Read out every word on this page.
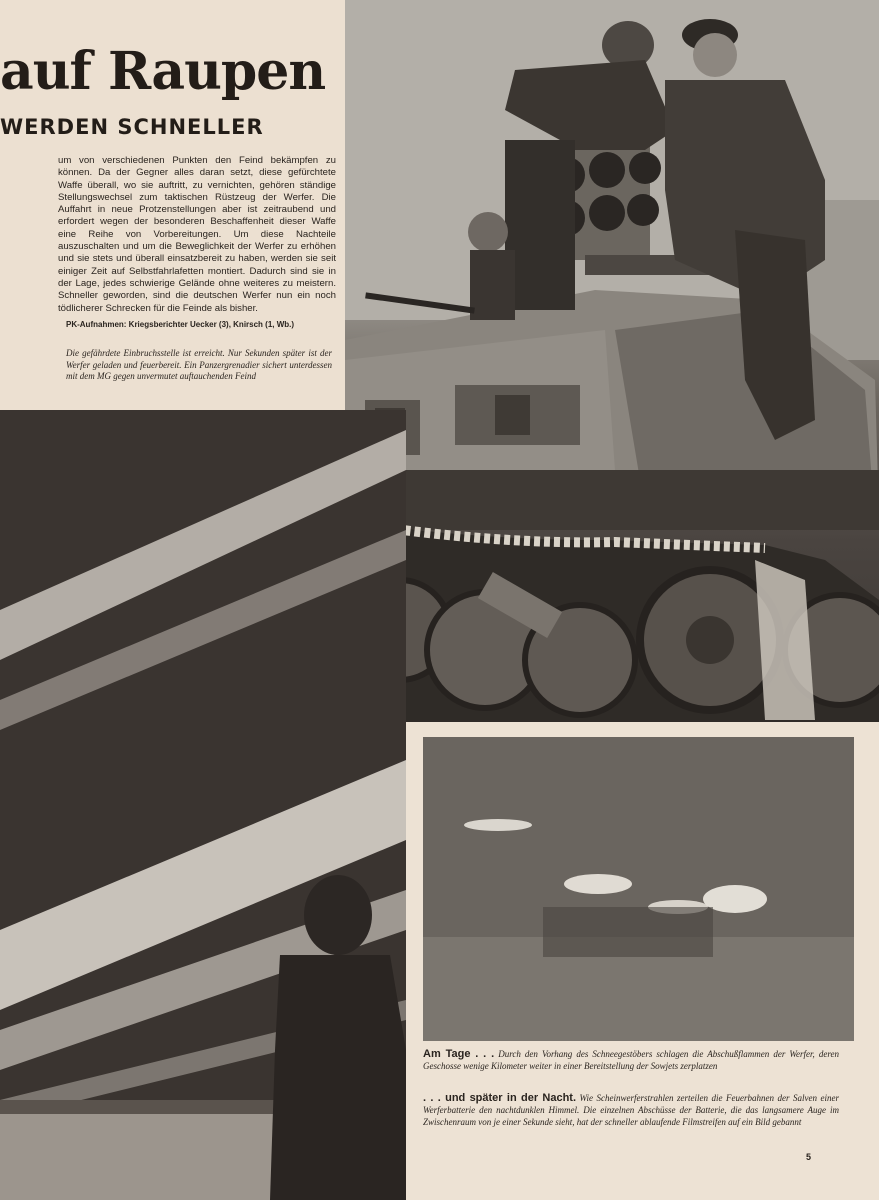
auf Raupen
WERDEN SCHNELLER
um von verschiedenen Punkten den Feind bekämpfen zu können. Da der Gegner alles daran setzt, diese gefürchtete Waffe überall, wo sie auftritt, zu vernichten, gehören ständige Stellungswechsel zum taktischen Rüstzeug der Werfer. Die Auffahrt in neue Protzenstellungen aber ist zeitraubend und erfordert wegen der besonderen Beschaffenheit dieser Waffe eine Reihe von Vorbereitungen. Um diese Nachteile auszuschalten und um die Beweglichkeit der Werfer zu erhöhen und sie stets und überall einsatzbereit zu haben, werden sie seit einiger Zeit auf Selbstfahrlafetten montiert. Dadurch sind sie in der Lage, jedes schwierige Gelände ohne weiteres zu meistern. Schneller geworden, sind die deutschen Werfer nun ein noch tödlicherer Schrecken für die Feinde als bisher.
PK-Aufnahmen: Kriegsberichter Uecker (3), Knirsch (1, Wb.)
Die gefährdete Einbruchsstelle ist erreicht. Nur Sekunden später ist der Werfer geladen und feuerbereit. Ein Panzergrenadier sichert unterdessen mit dem MG gegen unvermutet auftauchenden Feind
Am Tage . . . Durch den Vorhang des Schneegestöbers schlagen die Abschußflammen der Werfer, deren Geschosse wenige Kilometer weiter in einer Bereitstellung der Sowjets zerplatzen
. . . und später in der Nacht. Wie Scheinwerferstrahlen zerteilen die Feuerbahnen der Salven einer Werferbatterie den nachtdunklen Himmel. Die einzelnen Abschüsse der Batterie, die das langsamere Auge im Zwischenraum von je einer Sekunde sieht, hat der schneller ablaufende Filmstreifen auf ein Bild gebannt
5
